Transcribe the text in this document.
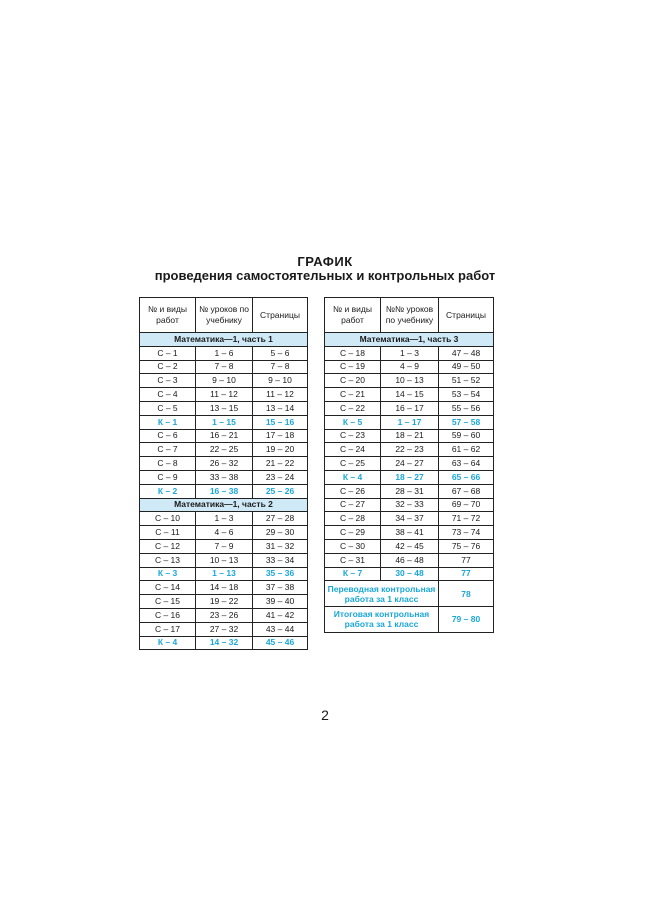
ГРАФИК
проведения самостоятельных и контрольных работ
№ и виды работ	№ уроков по учебнику	Страницы
Математика—1, часть 1		
С – 1	1 – 6	5 – 6
С – 2	7 – 8	7 – 8
С – 3	9 – 10	9 – 10
С – 4	11 – 12	11 – 12
С – 5	13 – 15	13 – 14
К – 1	1 – 15	15 – 16
С – 6	16 – 21	17 – 18
С – 7	22 – 25	19 – 20
С – 8	26 – 32	21 – 22
С – 9	33 – 38	23 – 24
К – 2	16 – 38	25 – 26
Математика—1, часть 2		
С – 10	1 – 3	27 – 28
С – 11	4 – 6	29 – 30
С – 12	7 – 9	31 – 32
С – 13	10 – 13	33 – 34
К – 3	1 – 13	35 – 36
С – 14	14 – 18	37 – 38
С – 15	19 – 22	39 – 40
С – 16	23 – 26	41 – 42
С – 17	27 – 32	43 – 44
К – 4	14 – 32	45 – 46
№ и виды работ	№№ уроков по учебнику	Страницы
Математика—1, часть 3		
С – 18	1 – 3	47 – 48
С – 19	4 – 9	49 – 50
С – 20	10 – 13	51 – 52
С – 21	14 – 15	53 – 54
С – 22	16 – 17	55 – 56
К – 5	1 – 17	57 – 58
С – 23	18 – 21	59 – 60
С – 24	22 – 23	61 – 62
С – 25	24 – 27	63 – 64
К – 4	18 – 27	65 – 66
С – 26	28 – 31	67 – 68
С – 27	32 – 33	69 – 70
С – 28	34 – 37	71 – 72
С – 29	38 – 41	73 – 74
С – 30	42 – 45	75 – 76
С – 31	46 – 48	77
К – 7	30 – 48	77
Переводная контрольная работа за 1 класс		78
Итоговая контрольная работа за 1 класс		79 – 80
2
